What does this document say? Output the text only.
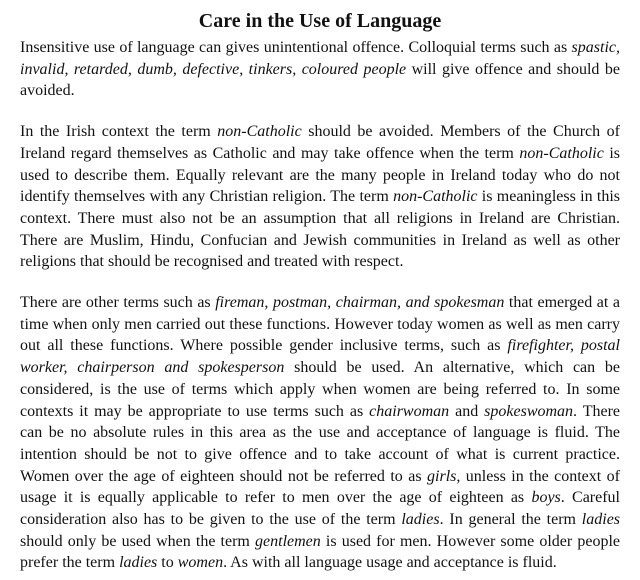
Care in the Use of Language

Insensitive use of language can gives unintentional offence. Colloquial terms such as spastic, invalid, retarded, dumb, defective, tinkers, coloured people will give offence and should be avoided.

In the Irish context the term non-Catholic should be avoided. Members of the Church of Ireland regard themselves as Catholic and may take offence when the term non-Catholic is used to describe them. Equally relevant are the many people in Ireland today who do not identify themselves with any Christian religion. The term non-Catholic is meaningless in this context. There must also not be an assumption that all religions in Ireland are Christian. There are Muslim, Hindu, Confucian and Jewish communities in Ireland as well as other religions that should be recognised and treated with respect.

There are other terms such as fireman, postman, chairman, and spokesman that emerged at a time when only men carried out these functions. However today women as well as men carry out all these functions. Where possible gender inclusive terms, such as firefighter, postal worker, chairperson and spokesperson should be used. An alternative, which can be considered, is the use of terms which apply when women are being referred to. In some contexts it may be appropriate to use terms such as chairwoman and spokeswoman. There can be no absolute rules in this area as the use and acceptance of language is fluid. The intention should be not to give offence and to take account of what is current practice. Women over the age of eighteen should not be referred to as girls, unless in the context of usage it is equally applicable to refer to men over the age of eighteen as boys. Careful consideration also has to be given to the use of the term ladies. In general the term ladies should only be used when the term gentlemen is used for men. However some older people prefer the term ladies to women. As with all language usage and acceptance is fluid.
